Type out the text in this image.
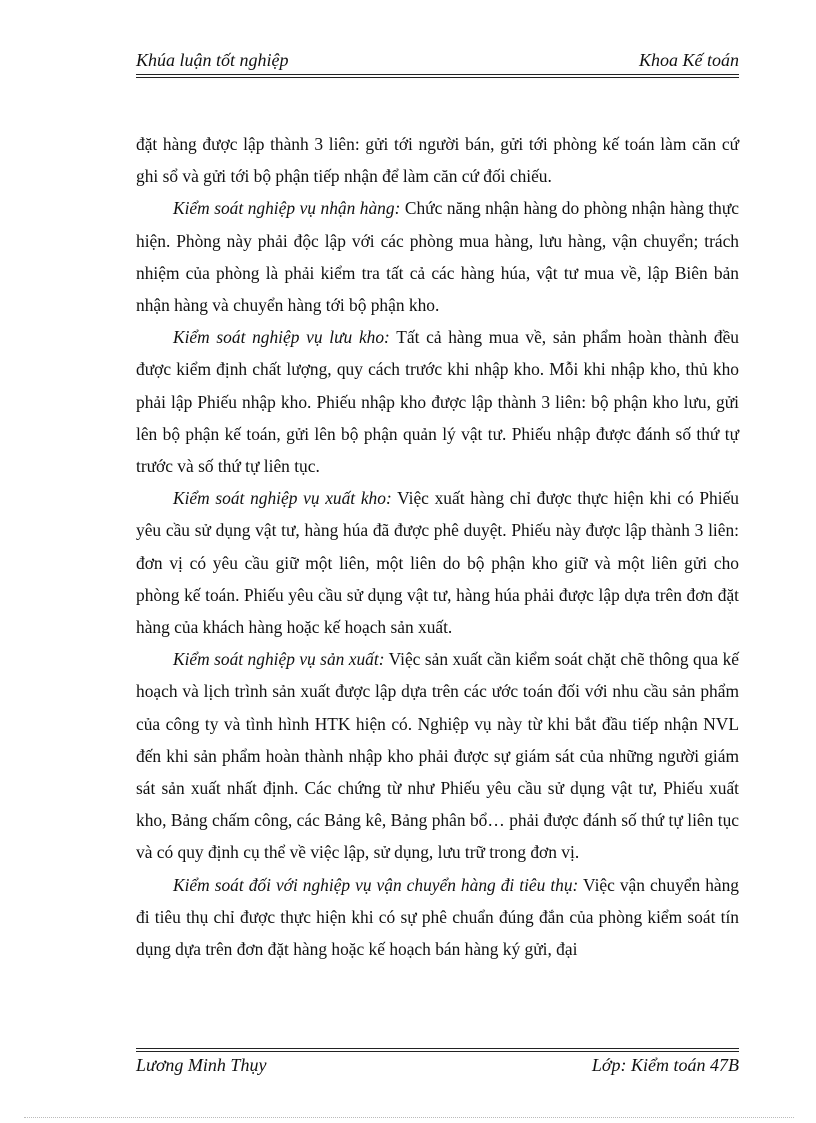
Khúa luận tốt nghiệp	Khoa Kế toán

đặt hàng được lập thành 3 liên: gửi tới người bán, gửi tới phòng kế toán làm căn cứ ghi sổ và gửi tới bộ phận tiếp nhận để làm căn cứ đối chiếu.

Kiểm soát nghiệp vụ nhận hàng: Chức năng nhận hàng do phòng nhận hàng thực hiện. Phòng này phải độc lập với các phòng mua hàng, lưu hàng, vận chuyển; trách nhiệm của phòng là phải kiểm tra tất cả các hàng húa, vật tư mua về, lập Biên bản nhận hàng và chuyển hàng tới bộ phận kho.

Kiểm soát nghiệp vụ lưu kho: Tất cả hàng mua về, sản phẩm hoàn thành đều được kiểm định chất lượng, quy cách trước khi nhập kho. Mỗi khi nhập kho, thủ kho phải lập Phiếu nhập kho. Phiếu nhập kho được lập thành 3 liên: bộ phận kho lưu, gửi lên bộ phận kế toán, gửi lên bộ phận quản lý vật tư. Phiếu nhập được đánh số thứ tự trước và số thứ tự liên tục.

Kiểm soát nghiệp vụ xuất kho: Việc xuất hàng chỉ được thực hiện khi có Phiếu yêu cầu sử dụng vật tư, hàng húa đã được phê duyệt. Phiếu này được lập thành 3 liên: đơn vị có yêu cầu giữ một liên, một liên do bộ phận kho giữ và một liên gửi cho phòng kế toán. Phiếu yêu cầu sử dụng vật tư, hàng húa phải được lập dựa trên đơn đặt hàng của khách hàng hoặc kế hoạch sản xuất.

Kiểm soát nghiệp vụ sản xuất: Việc sản xuất cần kiểm soát chặt chẽ thông qua kế hoạch và lịch trình sản xuất được lập dựa trên các ước toán đối với nhu cầu sản phẩm của công ty và tình hình HTK hiện có. Nghiệp vụ này từ khi bắt đầu tiếp nhận NVL đến khi sản phẩm hoàn thành nhập kho phải được sự giám sát của những người giám sát sản xuất nhất định. Các chứng từ như Phiếu yêu cầu sử dụng vật tư, Phiếu xuất kho, Bảng chấm công, các Bảng kê, Bảng phân bổ… phải được đánh số thứ tự liên tục và có quy định cụ thể về việc lập, sử dụng, lưu trữ trong đơn vị.

Kiểm soát đối với nghiệp vụ vận chuyển hàng đi tiêu thụ: Việc vận chuyển hàng đi tiêu thụ chỉ được thực hiện khi có sự phê chuẩn đúng đắn của phòng kiểm soát tín dụng dựa trên đơn đặt hàng hoặc kế hoạch bán hàng ký gửi, đại

Lương Minh Thụy	Lớp: Kiểm toán 47B
